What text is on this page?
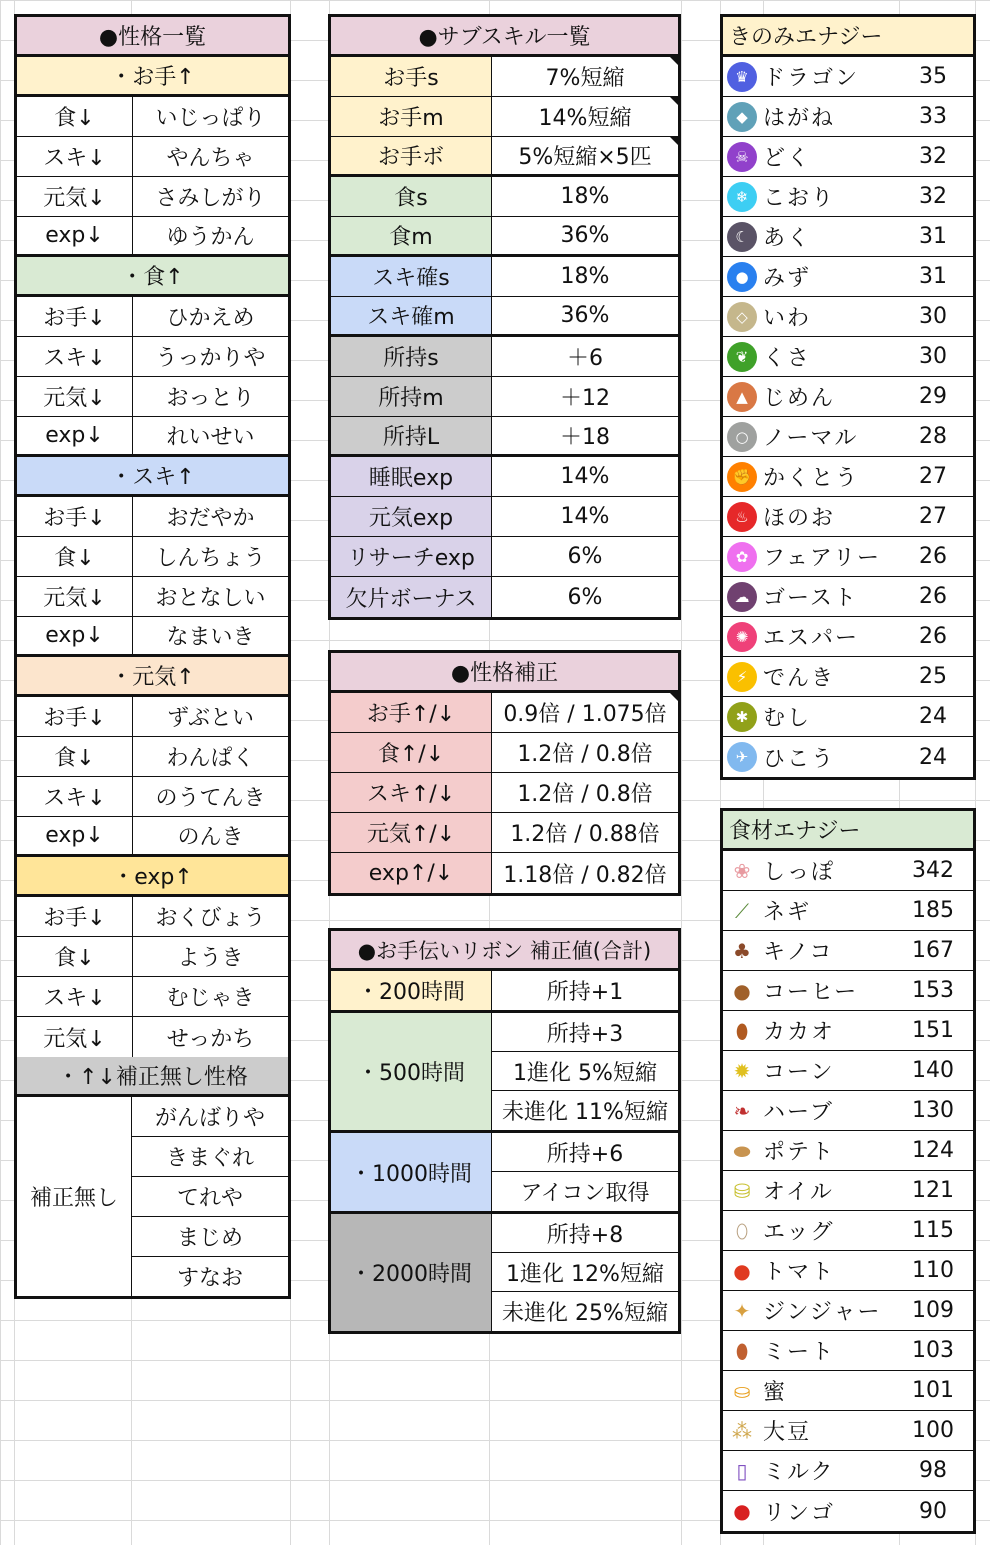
●性格一覧
・お手↑
食↓	いじっぱり
スキ↓	やんちゃ
元気↓	さみしがり
exp↓	ゆうかん
・食↑
お手↓	ひかえめ
スキ↓	うっかりや
元気↓	おっとり
exp↓	れいせい
・スキ↑
お手↓	おだやか
食↓	しんちょう
元気↓	おとなしい
exp↓	なまいき
・元気↑
お手↓	ずぶとい
食↓	わんぱく
スキ↓	のうてんき
exp↓	のんき
・exp↑
お手↓	おくびょう
食↓	ようき
スキ↓	むじゃき
元気↓	せっかち
・↑↓補正無し性格
補正無し
がんばりや
きまぐれ
てれや
まじめ
すなお
●サブスキル一覧
お手s	7%短縮
お手m	14%短縮
お手ボ	5%短縮×5匹
食s	18%
食m	36%
スキ確s	18%
スキ確m	36%
所持s	＋6
所持m	＋12
所持L	＋18
睡眠exp	14%
元気exp	14%
リサーチexp	6%
欠片ボーナス	6%
●性格補正
お手↑/↓	0.9倍 / 1.075倍
食↑/↓	1.2倍 / 0.8倍
スキ↑/↓	1.2倍 / 0.8倍
元気↑/↓	1.2倍 / 0.88倍
exp↑/↓	1.18倍 / 0.82倍
●お手伝いリボン 補正値(合計)
・200時間	所持+1
・500時間
所持+3
1進化 5%短縮
未進化 11%短縮
・1000時間
所持+6
アイコン取得
・2000時間
所持+8
1進化 12%短縮
未進化 25%短縮
きのみエナジー
♛ ドラゴン	35
◆ はがね	33
☠ どく	32
❄ こおり	32
☾ あく	31
● みず	31
◇ いわ	30
❦ くさ	30
▲ じめん	29
○ ノーマル	28
✊ かくとう	27
♨ ほのお	27
✿ フェアリー	26
☁ ゴースト	26
✺ エスパー	26
⚡ でんき	25
✱ むし	24
✈ ひこう	24
食材エナジー
❀ しっぽ	342
⟋ ネギ	185
♣ キノコ	167
● コーヒー	153
⬮ カカオ	151
✹ コーン	140
❧ ハーブ	130
⬬ ポテト	124
⛁ オイル	121
⬯ エッグ	115
● トマト	110
✦ ジンジャー	109
⬮ ミート	103
⛀ 蜜	101
⁂ 大豆	100
▯ ミルク	98
● リンゴ	90
